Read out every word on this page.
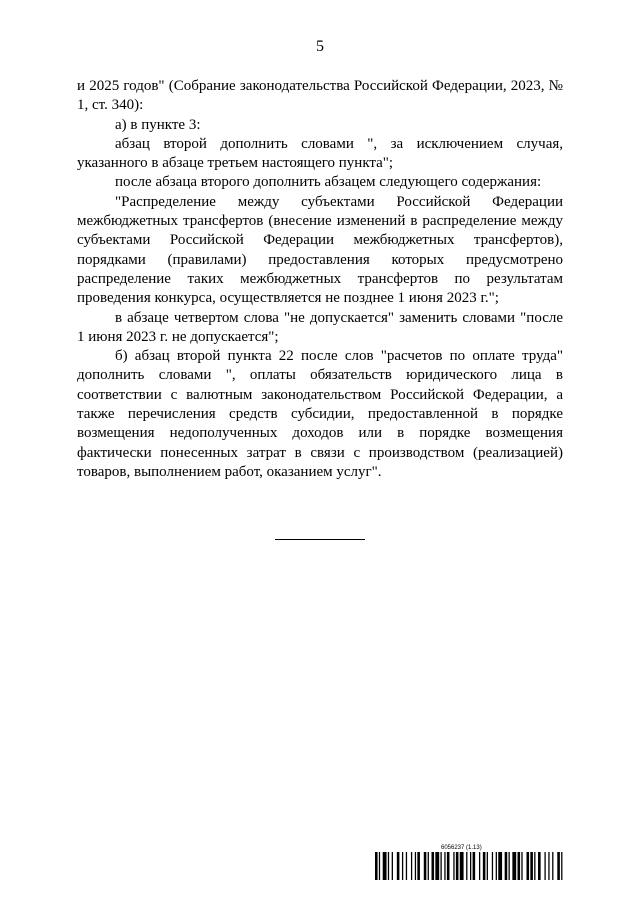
5

и 2025 годов" (Собрание законодательства Российской Федерации, 2023, № 1, ст. 340):

а) в пункте 3:

абзац второй дополнить словами ", за исключением случая, указанного в абзаце третьем настоящего пункта";

после абзаца второго дополнить абзацем следующего содержания:

"Распределение между субъектами Российской Федерации межбюджетных трансфертов (внесение изменений в распределение между субъектами Российской Федерации межбюджетных трансфертов), порядками (правилами) предоставления которых предусмотрено распределение таких межбюджетных трансфертов по результатам проведения конкурса, осуществляется не позднее 1 июня 2023 г.";

в абзаце четвертом слова "не допускается" заменить словами "после 1 июня 2023 г. не допускается";

б) абзац второй пункта 22 после слов "расчетов по оплате труда" дополнить словами ", оплаты обязательств юридического лица в соответствии с валютным законодательством Российской Федерации, а также перечисления средств субсидии, предоставленной в порядке возмещения недополученных доходов или в порядке возмещения фактически понесенных затрат в связи с производством (реализацией) товаров, выполнением работ, оказанием услуг".

6056237 (1.13)
